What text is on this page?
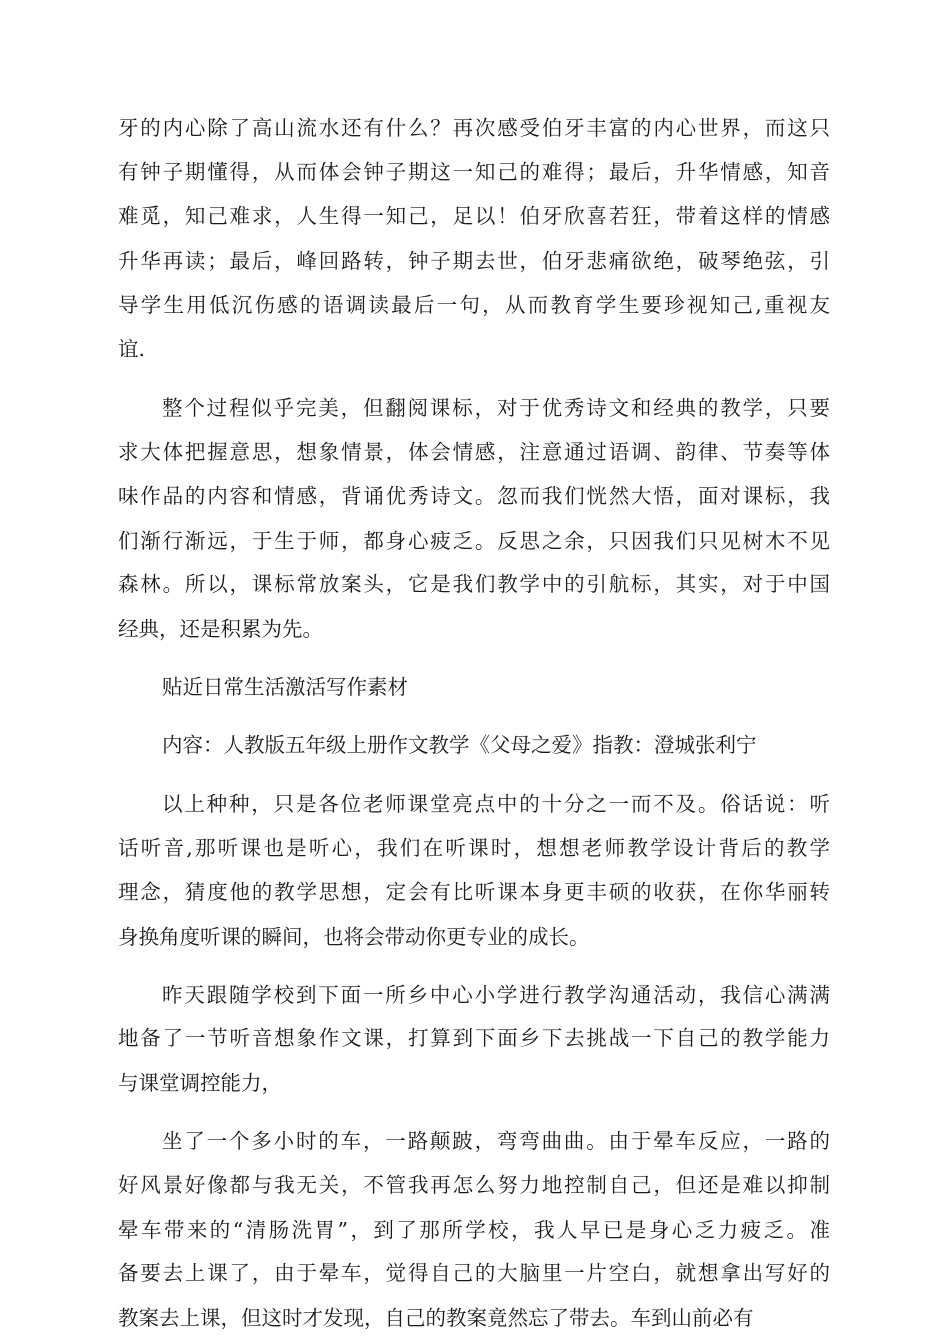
牙的内心除了高山流水还有什么？再次感受伯牙丰富的内心世界，而这只
有钟子期懂得，从而体会钟子期这一知己的难得；最后，升华情感，知音
难觅，知己难求，人生得一知己，足以！伯牙欣喜若狂，带着这样的情感
升华再读；最后，峰回路转，钟子期去世，伯牙悲痛欲绝，破琴绝弦，引
导学生用低沉伤感的语调读最后一句，从而教育学生要珍视知己,重视友
谊.
整个过程似乎完美，但翻阅课标，对于优秀诗文和经典的教学，只要
求大体把握意思，想象情景，体会情感，注意通过语调、韵律、节奏等体
味作品的内容和情感，背诵优秀诗文。忽而我们恍然大悟，面对课标，我
们渐行渐远，于生于师，都身心疲乏。反思之余，只因我们只见树木不见
森林。所以，课标常放案头，它是我们教学中的引航标，其实，对于中国
经典，还是积累为先。
贴近日常生活激活写作素材
内容：人教版五年级上册作文教学《父母之爱》指教：澄城张利宁
以上种种，只是各位老师课堂亮点中的十分之一而不及。俗话说：听
话听音,那听课也是听心，我们在听课时，想想老师教学设计背后的教学
理念，猜度他的教学思想，定会有比听课本身更丰硕的收获，在你华丽转
身换角度听课的瞬间，也将会带动你更专业的成长。
昨天跟随学校到下面一所乡中心小学进行教学沟通活动，我信心满满
地备了一节听音想象作文课，打算到下面乡下去挑战一下自己的教学能力
与课堂调控能力，
坐了一个多小时的车，一路颠跛，弯弯曲曲。由于晕车反应，一路的
好风景好像都与我无关，不管我再怎么努力地控制自己，但还是难以抑制
晕车带来的“清肠洗胃”，到了那所学校，我人早已是身心乏力疲乏。准
备要去上课了，由于晕车，觉得自己的大脑里一片空白，就想拿出写好的
教案去上课，但这时才发现，自己的教案竟然忘了带去。车到山前必有
